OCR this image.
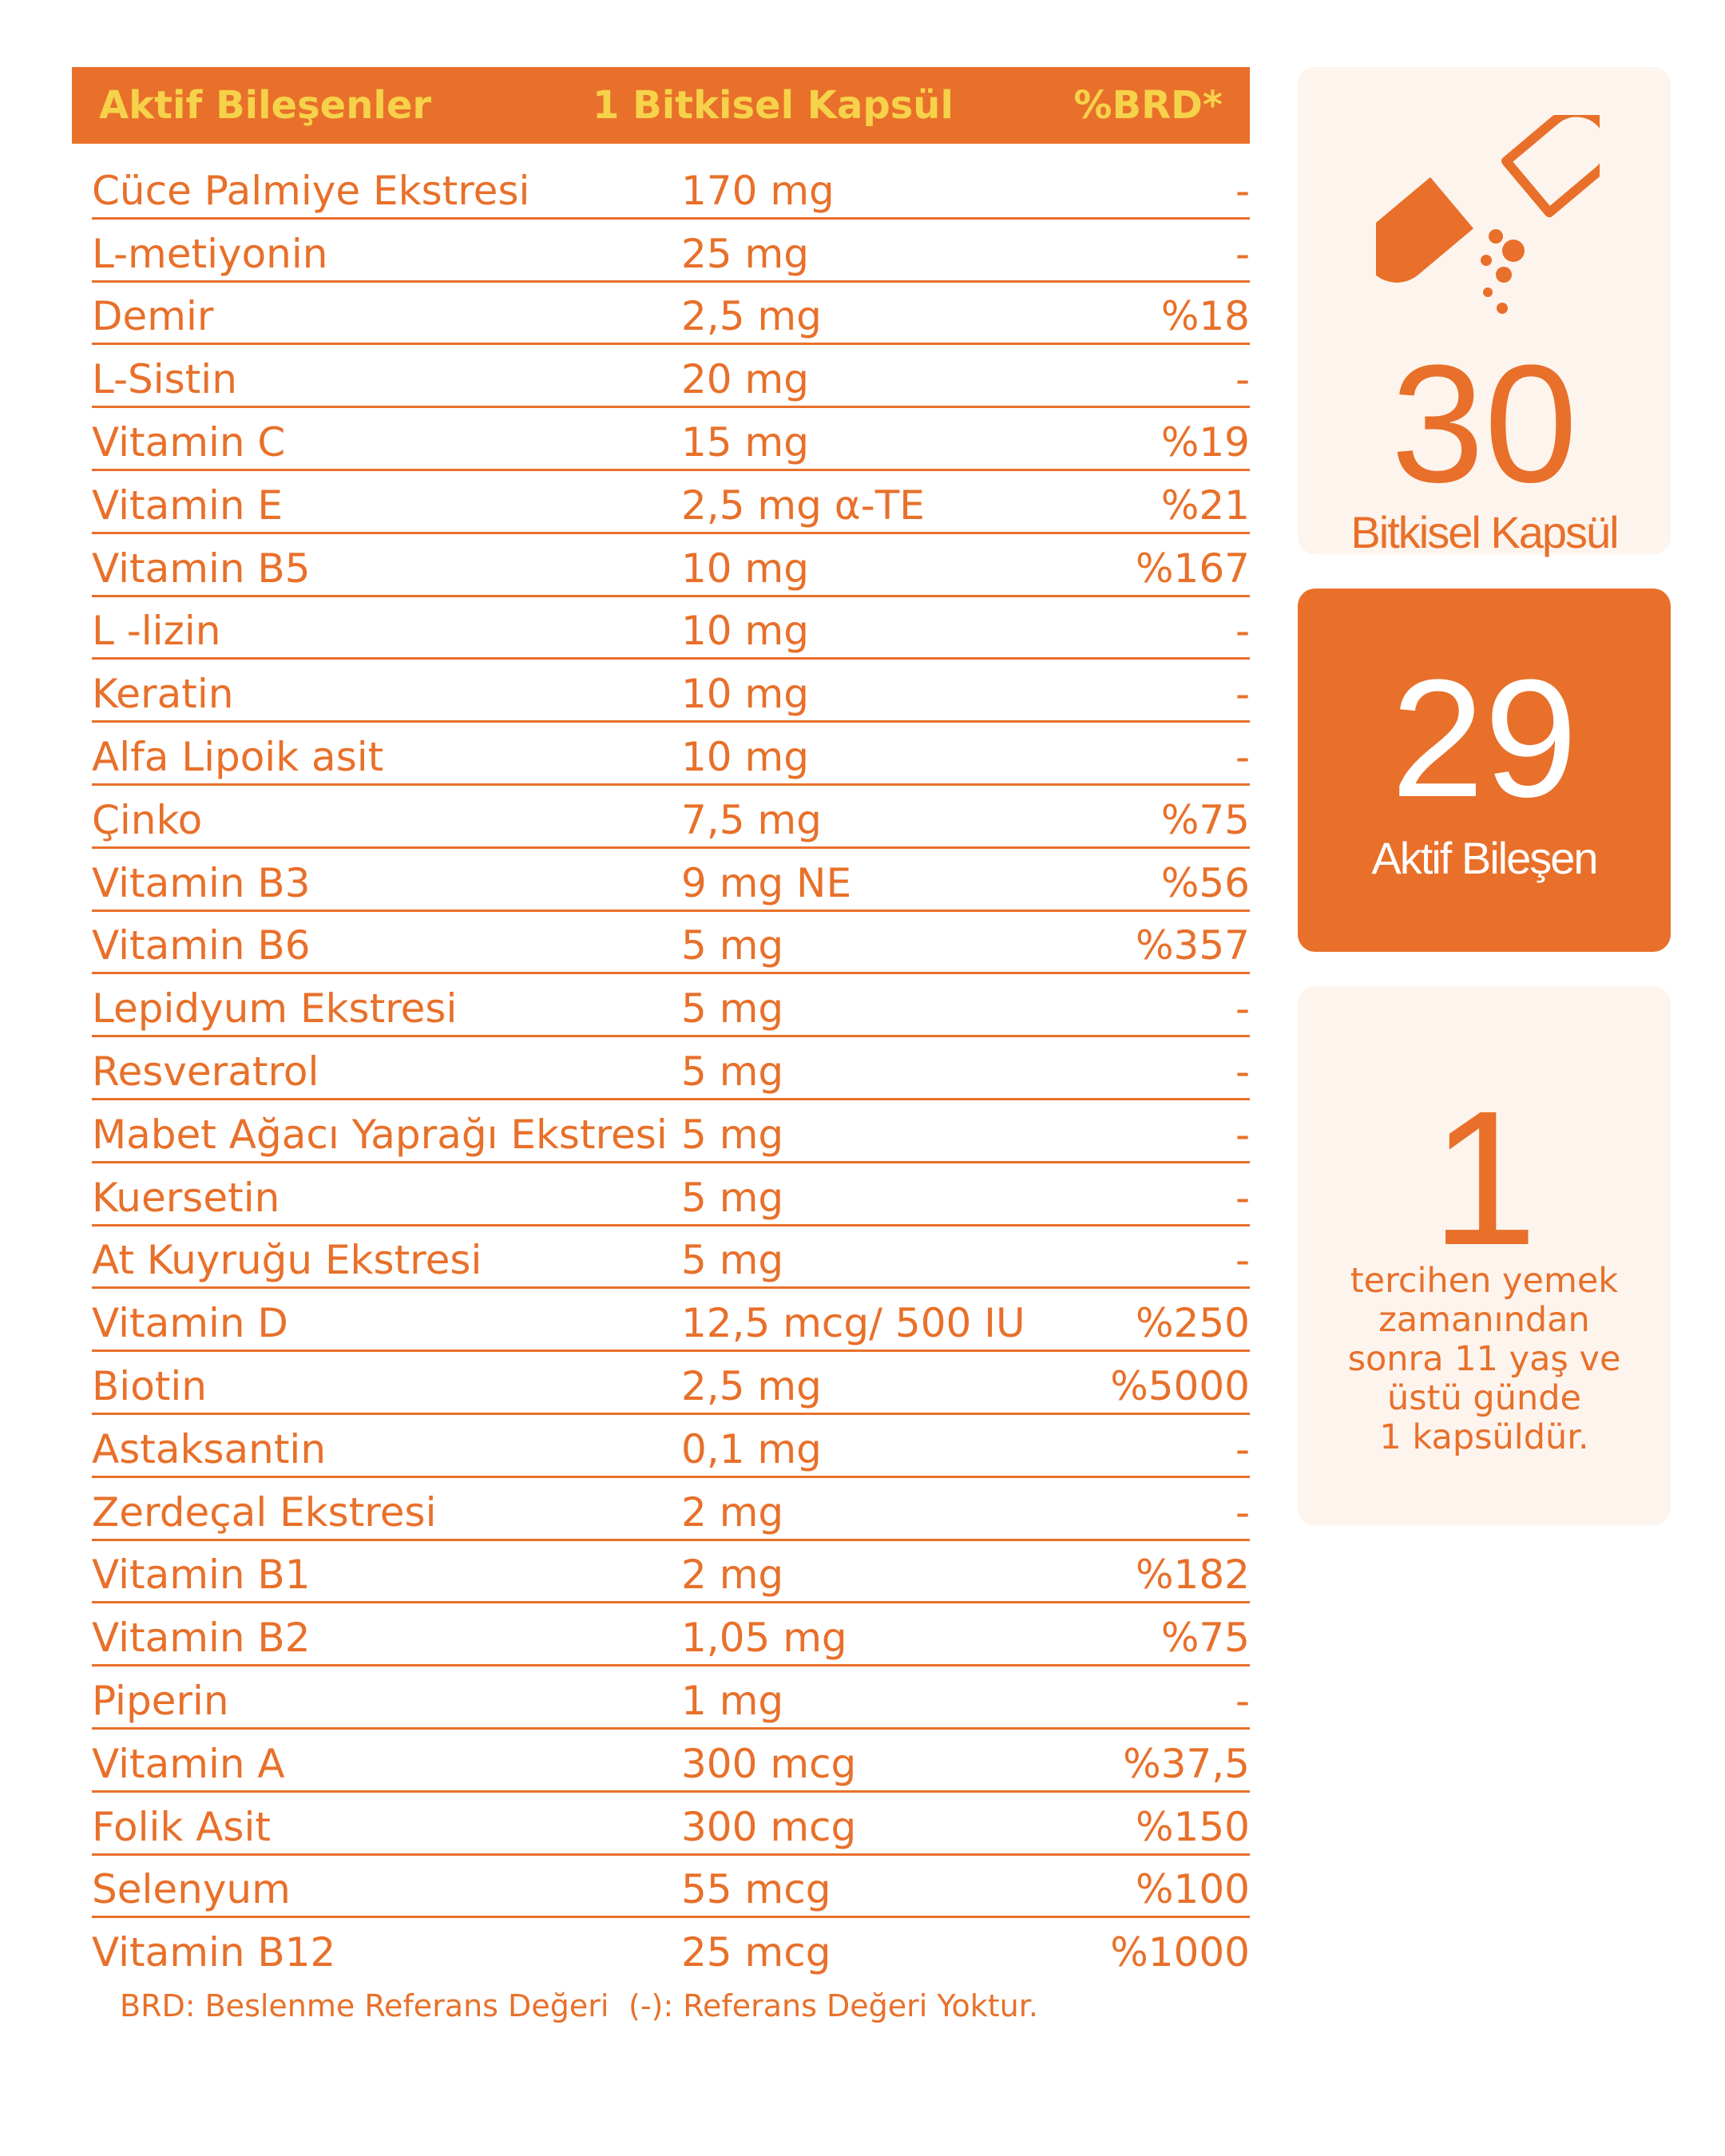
Aktif Bileşenler	1 Bitkisel Kapsül	%BRD*
Cüce Palmiye Ekstresi	170 mg	-
L-metiyonin	25 mg	-
Demir	2,5 mg	%18
L-Sistin	20 mg	-
Vitamin C	15 mg	%19
Vitamin E	2,5 mg α-TE	%21
Vitamin B5	10 mg	%167
L -lizin	10 mg	-
Keratin	10 mg	-
Alfa Lipoik asit	10 mg	-
Çinko	7,5 mg	%75
Vitamin B3	9 mg NE	%56
Vitamin B6	5 mg	%357
Lepidyum Ekstresi	5 mg	-
Resveratrol	5 mg	-
Mabet Ağacı Yaprağı Ekstresi 5 mg	-
Kuersetin	5 mg	-
At Kuyruğu Ekstresi	5 mg	-
Vitamin D	12,5 mcg/ 500 IU	%250
Biotin	2,5 mg	%5000
Astaksantin	0,1 mg	-
Zerdeçal Ekstresi	2 mg	-
Vitamin B1	2 mg	%182
Vitamin B2	1,05 mg	%75
Piperin	1 mg	-
Vitamin A	300 mcg	%37,5
Folik Asit	300 mcg	%150
Selenyum	55 mcg	%100
Vitamin B12	25 mcg	%1000
BRD: Beslenme Referans Değeri (-): Referans Değeri Yoktur.
30
Bitkisel Kapsül
29
Aktif Bileşen
1
tercihen yemek
zamanından
sonra 11 yaş ve
üstü günde
1 kapsüldür.
